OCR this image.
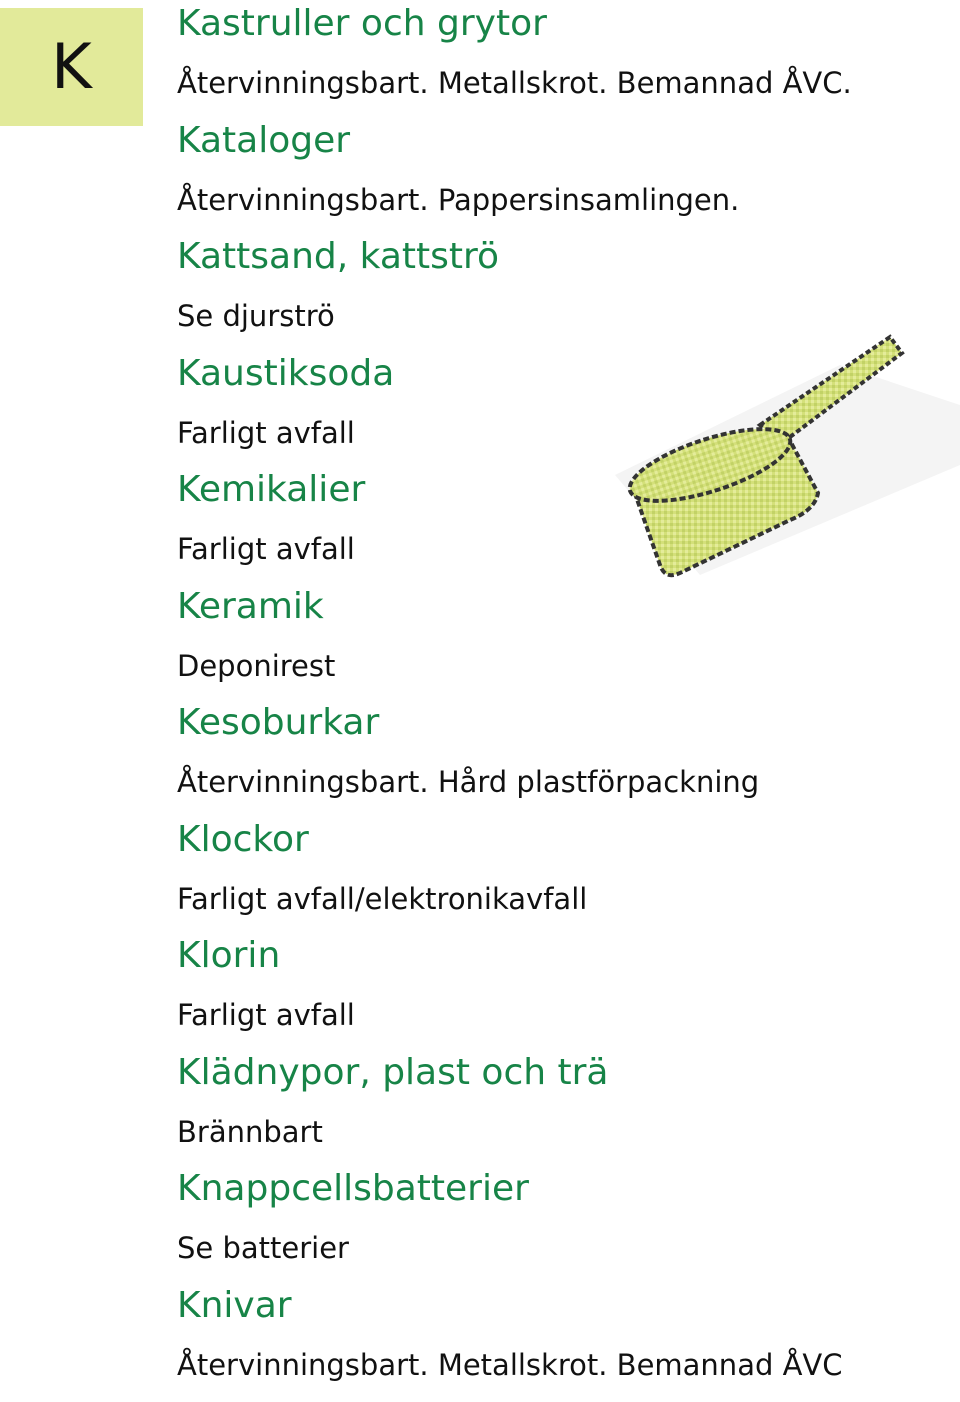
K
Kastruller och grytor
Återvinningsbart. Metallskrot. Bemannad ÅVC.
Kataloger
Återvinningsbart. Pappersinsamlingen.
Kattsand, kattströ
Se djurströ
Kaustiksoda
Farligt avfall
Kemikalier
Farligt avfall
Keramik
Deponirest
Kesoburkar
Återvinningsbart. Hård plastförpackning
Klockor
Farligt avfall/elektronikavfall
Klorin
Farligt avfall
Klädnypor, plast och trä
Brännbart
Knappcellsbatterier
Se batterier
Knivar
Återvinningsbart. Metallskrot. Bemannad ÅVC
